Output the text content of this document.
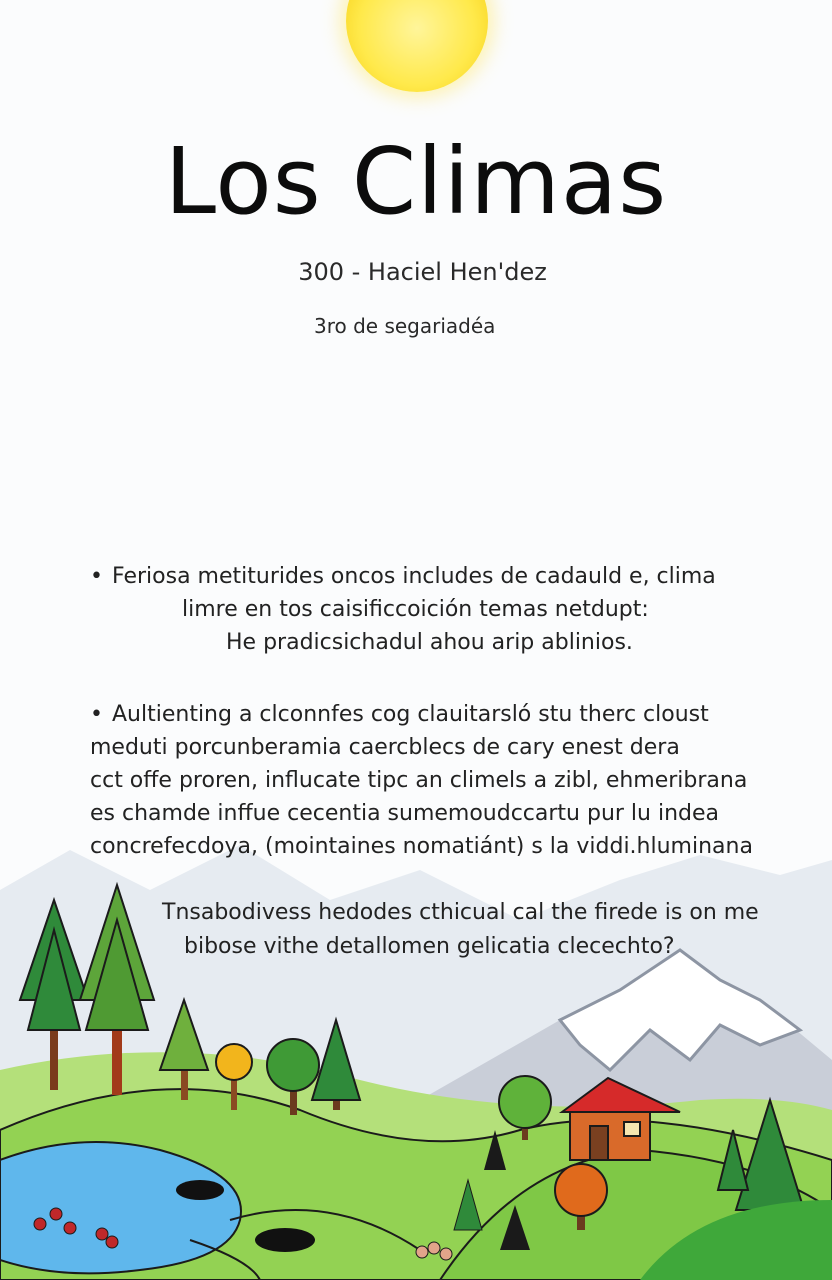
Los Climas
300 - Haciel Henꞌdez
3ro de segariadéa
• Feriosa metiturides oncos includes de cadauld e, clima
limre en tos caisificcoición temas netdupt:
He pradicsichadul ahou arip ablinios.
• Aultienting a clconnfes cog clauitarsló stu therc cloust
meduti porcunberamia caercblecs de cary enest dera
cct offe proren, influcate tipc an climels a zibl, ehmeribrana
es chamde inffue cecentia sumemoudccartu pur lu indea
concrefecdoya, (mointaines nomatiánt) s la viddi.hluminana
Tnsabodivess hedodes cthicual cal the firede is on me
bibose vithe detallomen gelicatia clecechto?
